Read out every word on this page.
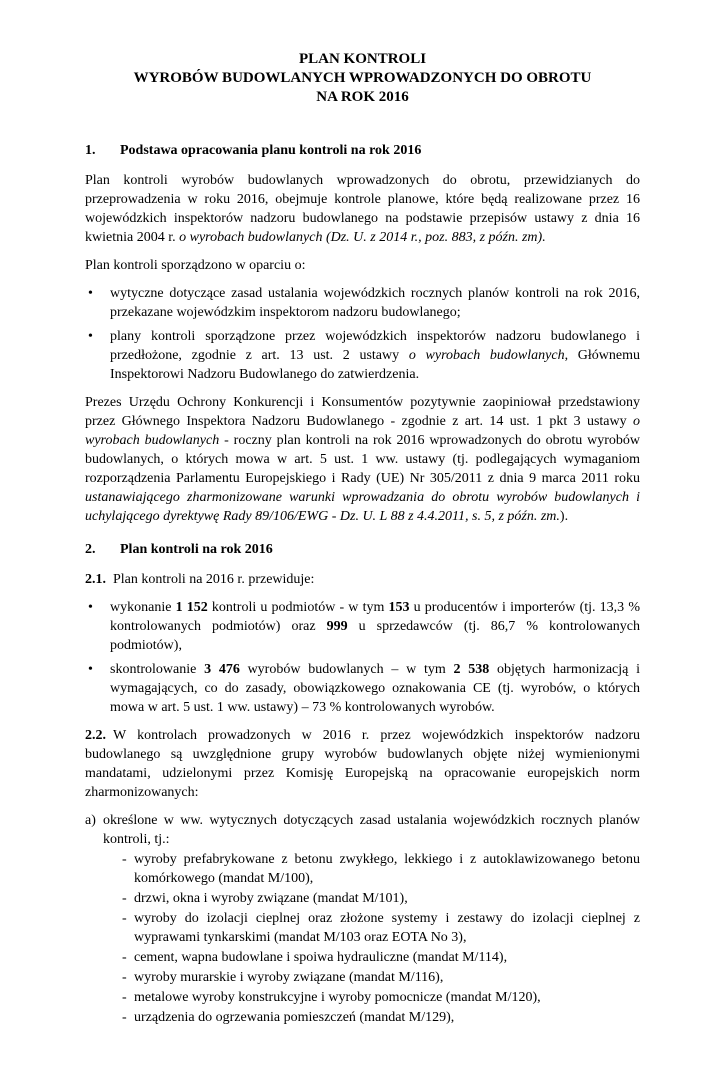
PLAN KONTROLI
WYROBÓW BUDOWLANYCH WPROWADZONYCH DO OBROTU
NA ROK 2016
1. Podstawa opracowania planu kontroli na rok 2016

Plan kontroli wyrobów budowlanych wprowadzonych do obrotu, przewidzianych do przeprowadzenia w roku 2016, obejmuje kontrole planowe, które będą realizowane przez 16 wojewódzkich inspektorów nadzoru budowlanego na podstawie przepisów ustawy z dnia 16 kwietnia 2004 r. o wyrobach budowlanych (Dz. U. z 2014 r., poz. 883, z późn. zm).

Plan kontroli sporządzono w oparciu o:

• wytyczne dotyczące zasad ustalania wojewódzkich rocznych planów kontroli na rok 2016, przekazane wojewódzkim inspektorom nadzoru budowlanego;
• plany kontroli sporządzone przez wojewódzkich inspektorów nadzoru budowlanego i przedłożone, zgodnie z art. 13 ust. 2 ustawy o wyrobach budowlanych, Głównemu Inspektorowi Nadzoru Budowlanego do zatwierdzenia.

Prezes Urzędu Ochrony Konkurencji i Konsumentów pozytywnie zaopiniował przedstawiony przez Głównego Inspektora Nadzoru Budowlanego - zgodnie z art. 14 ust. 1 pkt 3 ustawy o wyrobach budowlanych - roczny plan kontroli na rok 2016 wprowadzonych do obrotu wyrobów budowlanych, o których mowa w art. 5 ust. 1 ww. ustawy (tj. podlegających wymaganiom rozporządzenia Parlamentu Europejskiego i Rady (UE) Nr 305/2011 z dnia 9 marca 2011 roku ustanawiającego zharmonizowane warunki wprowadzania do obrotu wyrobów budowlanych i uchylającego dyrektywę Rady 89/106/EWG - Dz. U. L 88 z 4.4.2011, s. 5, z późn. zm.).

2. Plan kontroli na rok 2016

2.1. Plan kontroli na 2016 r. przewiduje:

• wykonanie 1 152 kontroli u podmiotów - w tym 153 u producentów i importerów (tj. 13,3 % kontrolowanych podmiotów) oraz 999 u sprzedawców (tj. 86,7 % kontrolowanych podmiotów),
• skontrolowanie 3 476 wyrobów budowlanych – w tym 2 538 objętych harmonizacją i wymagających, co do zasady, obowiązkowego oznakowania CE (tj. wyrobów, o których mowa w art. 5 ust. 1 ww. ustawy) – 73 % kontrolowanych wyrobów.

2.2. W kontrolach prowadzonych w 2016 r. przez wojewódzkich inspektorów nadzoru budowlanego są uwzględnione grupy wyrobów budowlanych objęte niżej wymienionymi mandatami, udzielonymi przez Komisję Europejską na opracowanie europejskich norm zharmonizowanych:

a) określone w ww. wytycznych dotyczących zasad ustalania wojewódzkich rocznych planów kontroli, tj.:
- wyroby prefabrykowane z betonu zwykłego, lekkiego i z autoklawizowanego betonu komórkowego (mandat M/100),
- drzwi, okna i wyroby związane (mandat M/101),
- wyroby do izolacji cieplnej oraz złożone systemy i zestawy do izolacji cieplnej z wyprawami tynkarskimi (mandat M/103 oraz EOTA No 3),
- cement, wapna budowlane i spoiwa hydrauliczne (mandat M/114),
- wyroby murarskie i wyroby związane (mandat M/116),
- metalowe wyroby konstrukcyjne i wyroby pomocnicze (mandat M/120),
- urządzenia do ogrzewania pomieszczeń (mandat M/129),
